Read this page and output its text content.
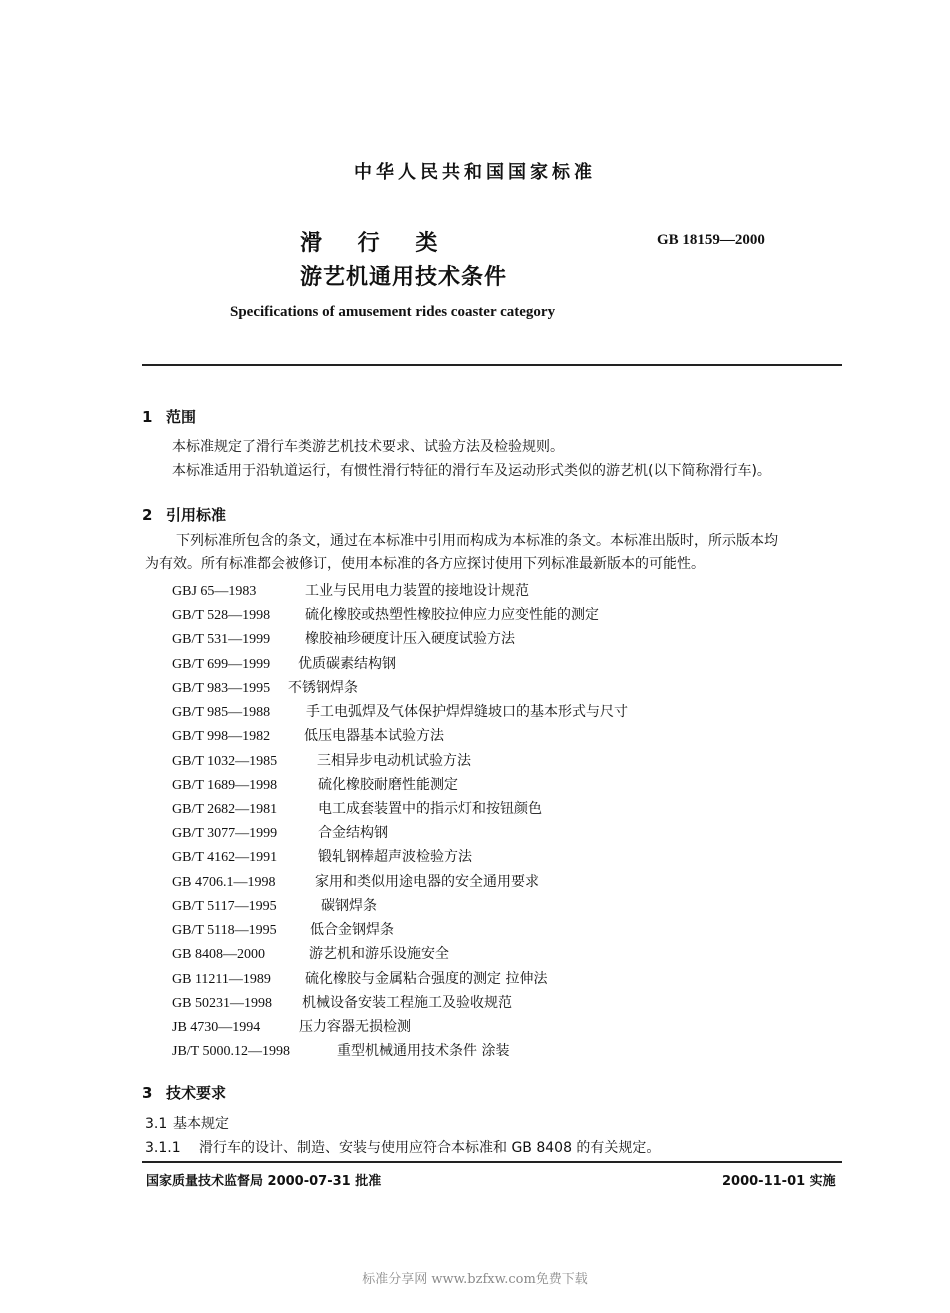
中华人民共和国国家标准
滑 行 类
游艺机通用技术条件
GB 18159—2000
Specifications of amusement rides coaster category
1 范围
本标准规定了滑行车类游艺机技术要求、试验方法及检验规则。
本标准适用于沿轨道运行，有惯性滑行特征的滑行车及运动形式类似的游艺机(以下简称滑行车)。
2 引用标准
下列标准所包含的条文，通过在本标准中引用而构成为本标准的条文。本标准出版时，所示版本均
为有效。所有标准都会被修订，使用本标准的各方应探讨使用下列标准最新版本的可能性。
GBJ 65—1983	工业与民用电力装置的接地设计规范
GB/T 528—1998 硫化橡胶或热塑性橡胶拉伸应力应变性能的测定
GB/T 531—1999 橡胶袖珍硬度计压入硬度试验方法
GB/T 699—1999 优质碳素结构钢
GB/T 983—1995 不锈钢焊条
GB/T 985—1988	手工电弧焊及气体保护焊焊缝坡口的基本形式与尺寸
GB/T 998—1982 低压电器基本试验方法
GB/T 1032—1985	三相异步电动机试验方法
GB/T 1689—1998	硫化橡胶耐磨性能测定
GB/T 2682—1981	电工成套装置中的指示灯和按钮颜色
GB/T 3077—1999	合金结构钢
GB/T 4162—1991	锻轧钢棒超声波检验方法
GB 4706.1—1998	家用和类似用途电器的安全通用要求
GB/T 5117—1995	碳钢焊条
GB/T 5118—1995 低合金钢焊条
GB 8408—2000	游艺机和游乐设施安全
GB 11211—1989 硫化橡胶与金属粘合强度的测定 拉伸法
GB 50231—1998 机械设备安装工程施工及验收规范
JB 4730—1994	压力容器无损检测
JB/T 5000.12—1998	重型机械通用技术条件 涂装
3 技术要求
3.1 基本规定
3.1.1 滑行车的设计、制造、安装与使用应符合本标准和 GB 8408 的有关规定。
国家质量技术监督局 2000-07-31 批准	2000-11-01 实施
标准分享网 www.bzfxw.com免费下载
